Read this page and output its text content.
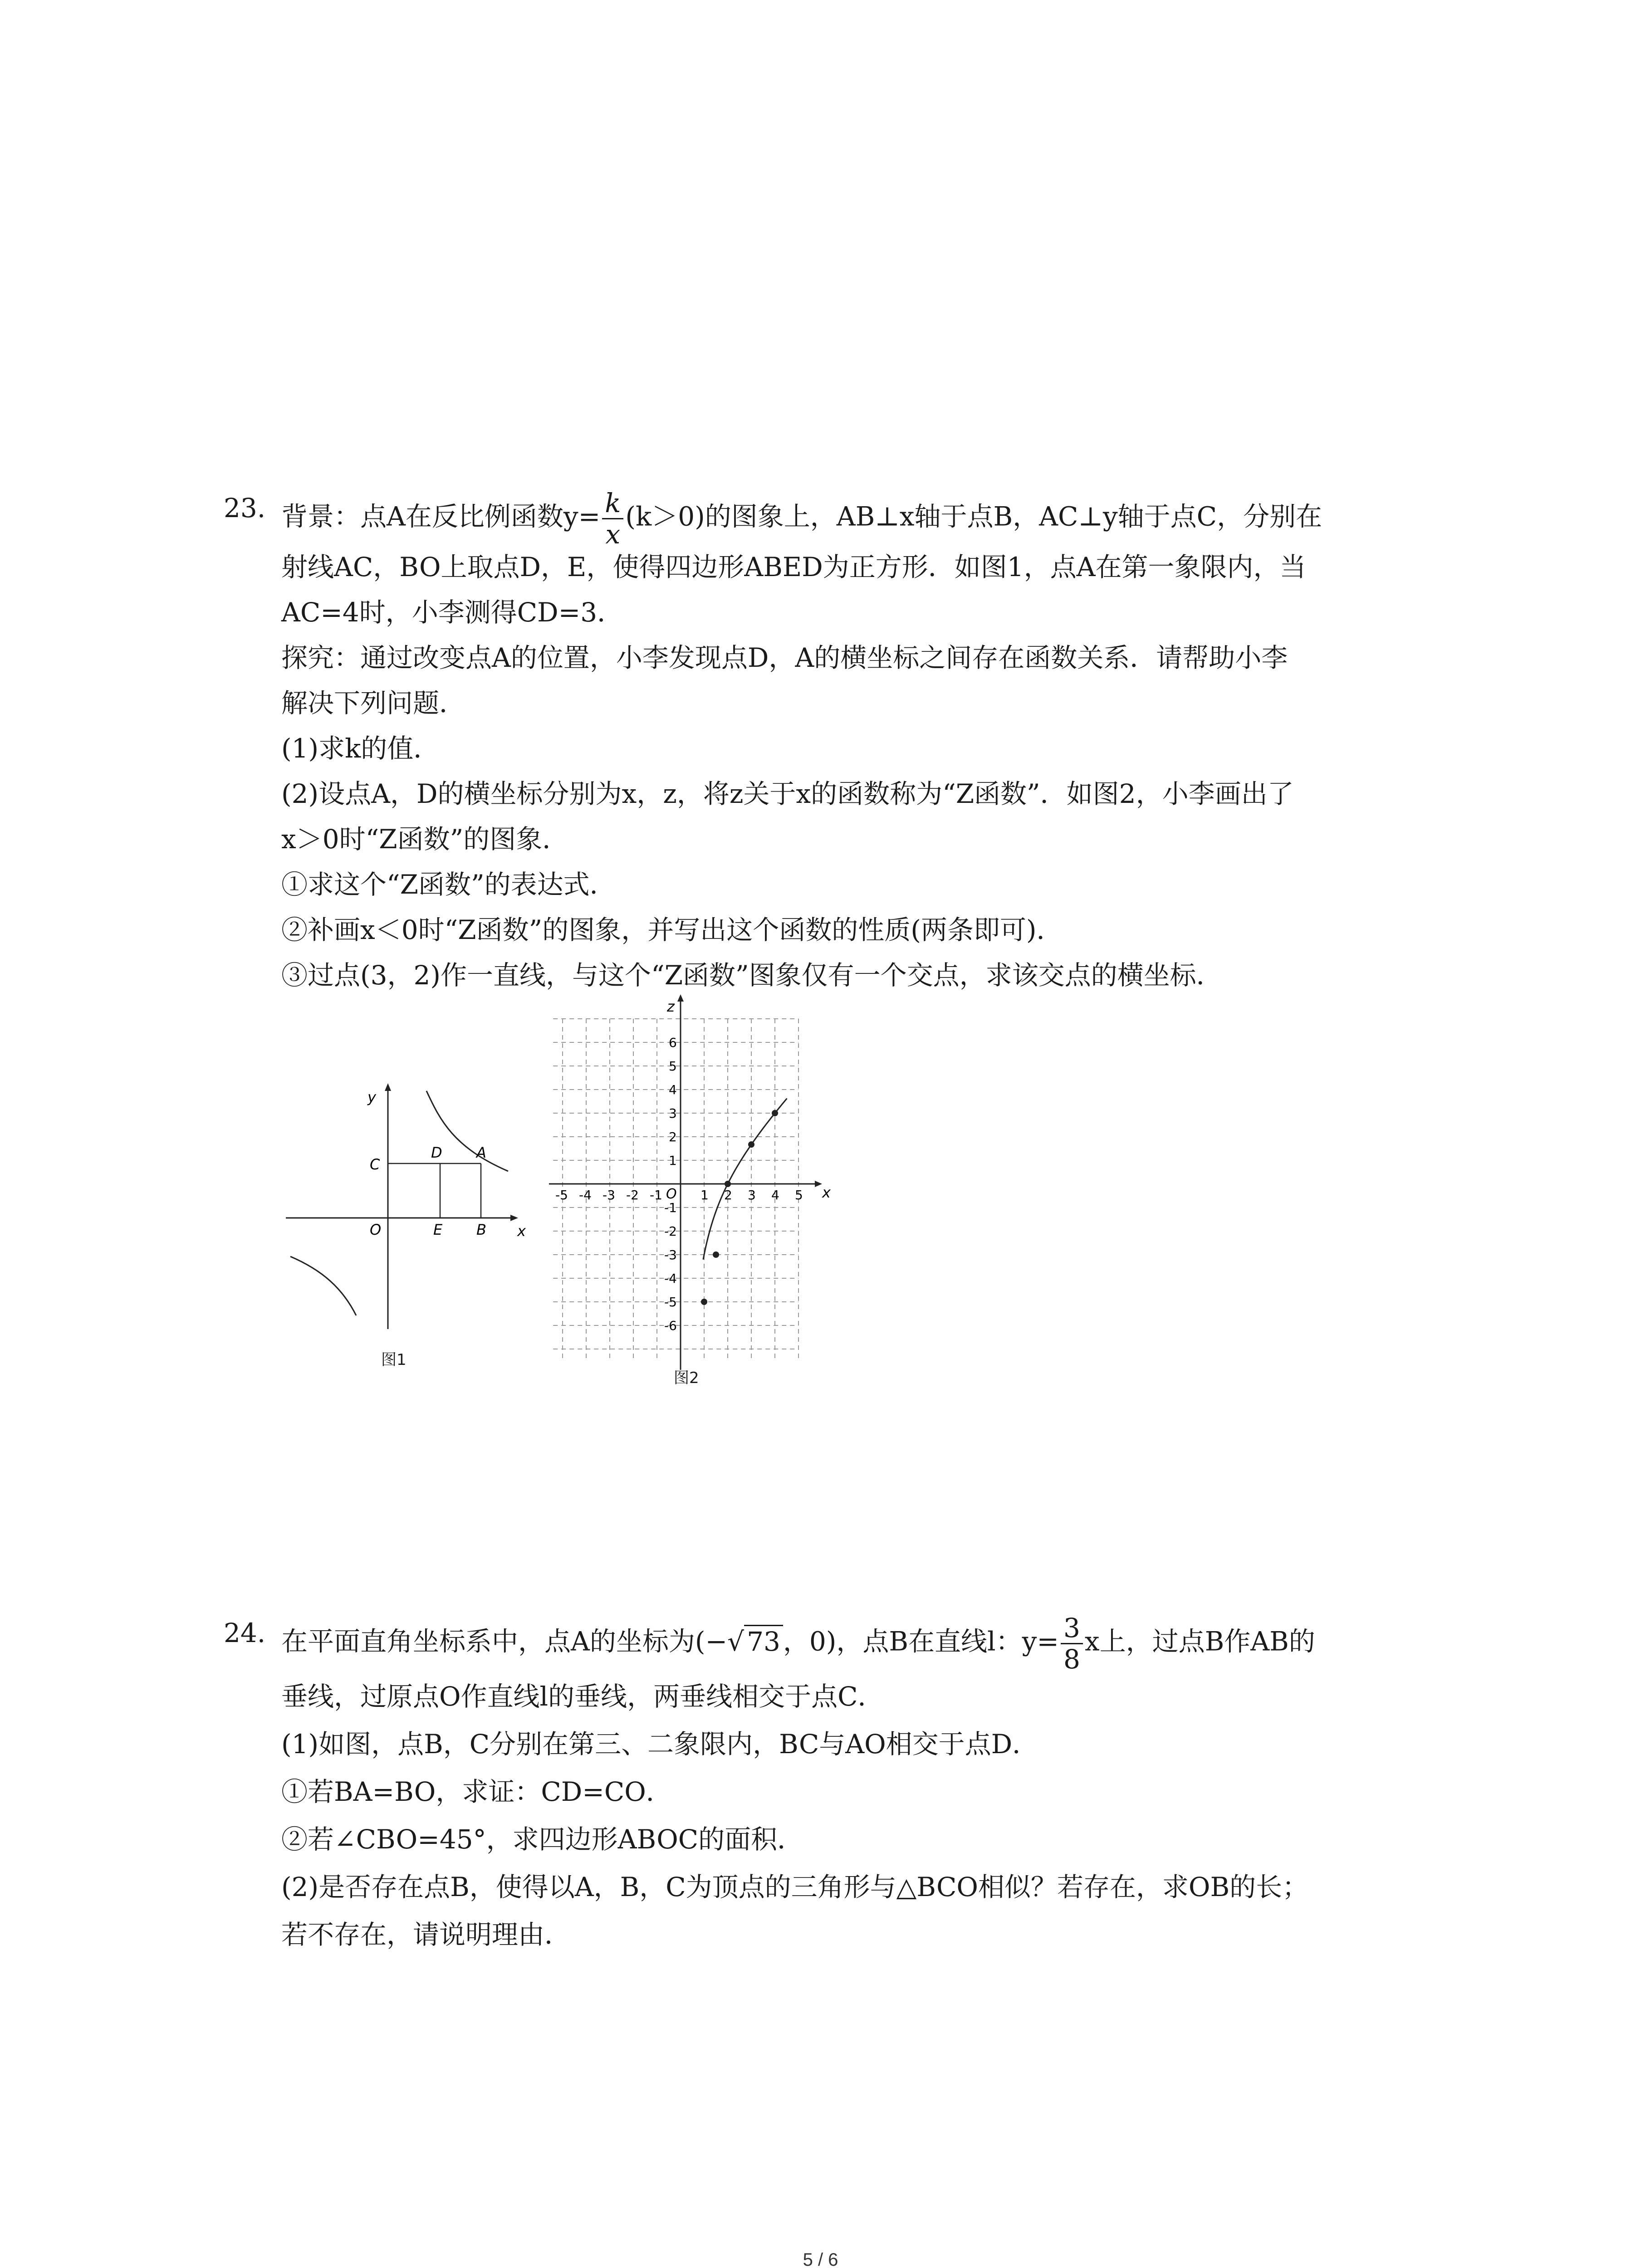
23. 背景：点A在反比例函数$y= \frac{k}{x} (k>0)$的图象上，AB⊥x轴于点B，AC⊥y轴于点C，分别在
射线AC，BO上取点D，E，使得四边形ABED为正方形．如图1，点A在第一象限内，当
AC=4时，小李测得CD=3．
探究：通过改变点A的位置，小李发现点D，A的横坐标之间存在函数关系．请帮助小李
解决下列问题．
(1)求k的值．
(2)设点A，D的横坐标分别为x，z，将z关于x的函数称为“Z函数”．如图2，小李画出了
x＞0时“Z函数”的图象．
①求这个“Z函数”的表达式．
②补画x＜0时“Z函数”的图象，并写出这个函数的性质(两条即可)．
③过点(3，2)作一直线，与这个“Z函数”图象仅有一个交点，求该交点的横坐标．
y
x
C
D A
O	E B
图1
z
x
O
-5 -4 -3 -2 -1	1 2 3 4 5
6
5
4
3
2
1
-1
-2
-3
-4
-5
-6
图2
24. 在平面直角坐标系中，点A的坐标为(−√ 73 ，0)，点B在直线l：$y= \frac{3}{8}$ x上，过点B作AB的
垂线，过原点O作直线l的垂线，两垂线相交于点C．
(1)如图，点B，C分别在第三、二象限内，BC与AO相交于点D．
①若BA=BO，求证：CD=CO．
②若∠CBO=45°，求四边形ABOC的面积．
(2)是否存在点B，使得以A，B，C为顶点的三角形与△BCO相似？若存在，求OB的长；
若不存在，请说明理由．
5 / 6
